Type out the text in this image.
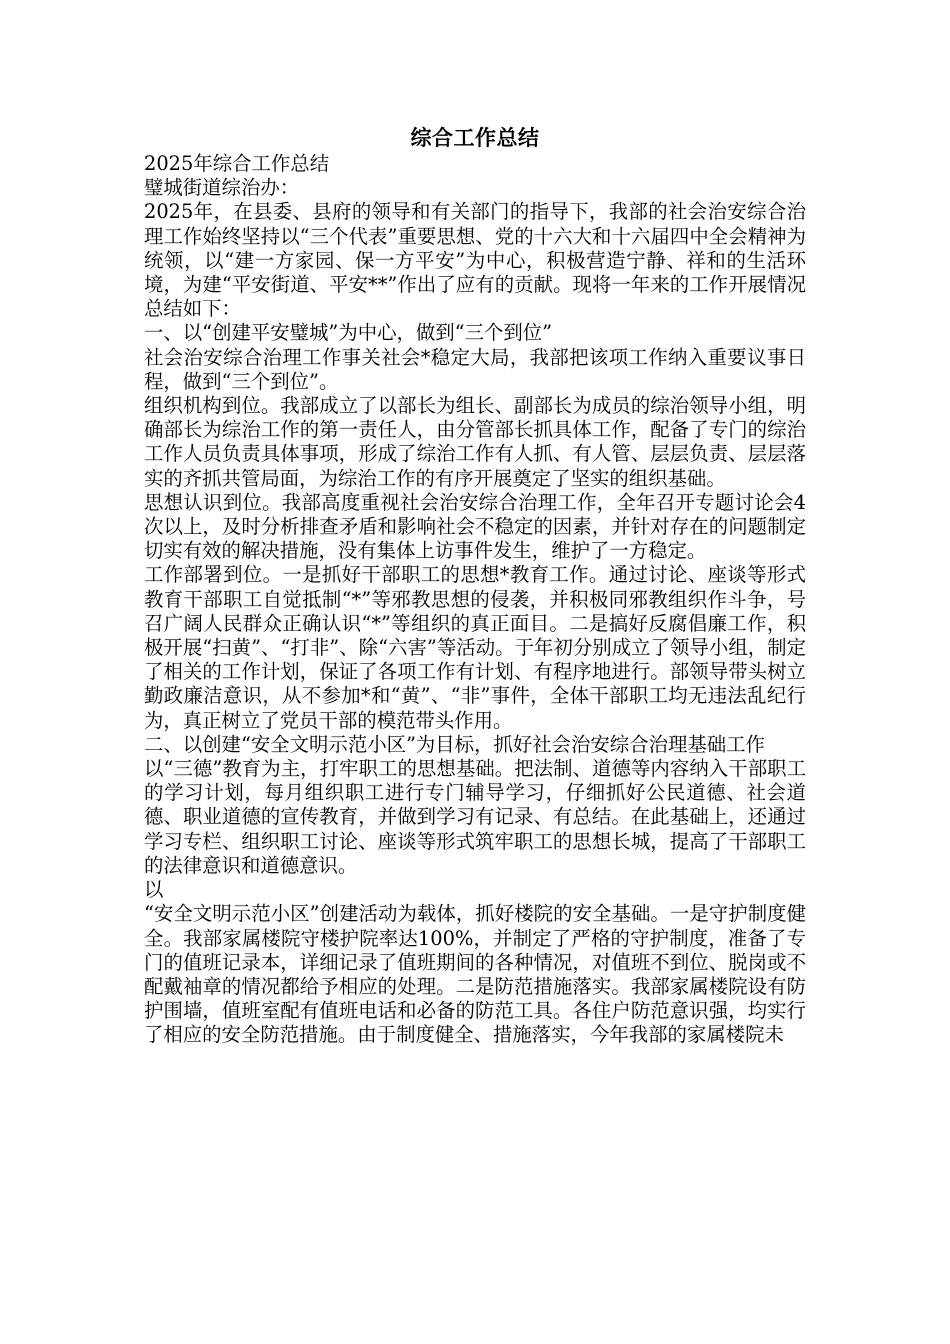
综合工作总结

2025年综合工作总结

璧城街道综治办：

2025年，在县委、县府的领导和有关部门的指导下，我部的社会治安综合治理工作始终坚持以“三个代表”重要思想、党的十六大和十六届四中全会精神为统领，以“建一方家园、保一方平安”为中心，积极营造宁静、祥和的生活环境，为建“平安街道、平安**”作出了应有的贡献。现将一年来的工作开展情况总结如下：

一、以“创建平安璧城”为中心，做到“三个到位”

社会治安综合治理工作事关社会*稳定大局，我部把该项工作纳入重要议事日程，做到“三个到位”。

组织机构到位。我部成立了以部长为组长、副部长为成员的综治领导小组，明确部长为综治工作的第一责任人，由分管部长抓具体工作，配备了专门的综治工作人员负责具体事项，形成了综治工作有人抓、有人管、层层负责、层层落实的齐抓共管局面，为综治工作的有序开展奠定了坚实的组织基础。

思想认识到位。我部高度重视社会治安综合治理工作，全年召开专题讨论会4次以上，及时分析排查矛盾和影响社会不稳定的因素，并针对存在的问题制定切实有效的解决措施，没有集体上访事件发生，维护了一方稳定。

工作部署到位。一是抓好干部职工的思想*教育工作。通过讨论、座谈等形式教育干部职工自觉抵制“*”等邪教思想的侵袭，并积极同邪教组织作斗争，号召广阔人民群众正确认识“*”等组织的真正面目。二是搞好反腐倡廉工作，积极开展“扫黄”、“打非”、除“六害”等活动。于年初分别成立了领导小组，制定了相关的工作计划，保证了各项工作有计划、有程序地进行。部领导带头树立勤政廉洁意识，从不参加*和“黄”、“非”事件，全体干部职工均无违法乱纪行为，真正树立了党员干部的模范带头作用。

二、以创建“安全文明示范小区”为目标，抓好社会治安综合治理基础工作

以“三德”教育为主，打牢职工的思想基础。把法制、道德等内容纳入干部职工的学习计划，每月组织职工进行专门辅导学习，仔细抓好公民道德、社会道德、职业道德的宣传教育，并做到学习有记录、有总结。在此基础上，还通过学习专栏、组织职工讨论、座谈等形式筑牢职工的思想长城，提高了干部职工的法律意识和道德意识。

以

“安全文明示范小区”创建活动为载体，抓好楼院的安全基础。一是守护制度健全。我部家属楼院守楼护院率达100%，并制定了严格的守护制度，准备了专门的值班记录本，详细记录了值班期间的各种情况，对值班不到位、脱岗或不配戴袖章的情况都给予相应的处理。二是防范措施落实。我部家属楼院设有防护围墙，值班室配有值班电话和必备的防范工具。各住户防范意识强，均实行了相应的安全防范措施。由于制度健全、措施落实，今年我部的家属楼院未
